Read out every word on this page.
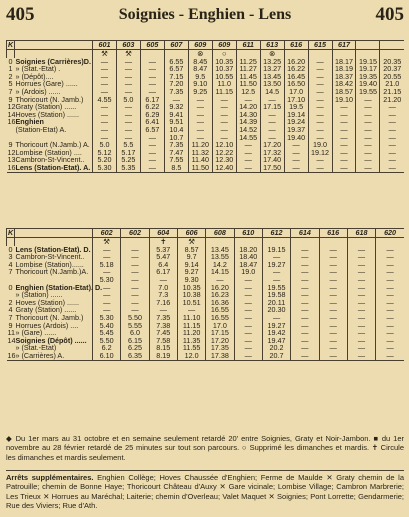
405	Soignies - Enghien - Lens	405
K		601	603	605	607	609	609	611	613	616	615	617		
		⚒	⚒			⊗	○		⊗					
0	Soignies (Carrières)D.	—	—	—	6.55	8.45	10.35	11.25	13.25	16.20	—	18.17	19.15	20.35
1	» (Stat.-Etat) .	—	—	—	6.57	8.47	10.37	11.27	13.27	16.22	—	18.19	19.17	20.37
2	» (Dépôt)....	—	—	—	7.15	9.5	10.55	11.45	13.45	16.45	—	18.37	19.35	20.55
5	Horrues (Gare) ......	—	—	—	7.20	9.10	11.0	11.50	13.50	16.50	—	18.42	19.40	21.0
7	» (Ardois) ......	—	—	—	7.35	9.25	11.15	12.5	14.5	17.0	—	18.57	19.55	21.15
9	Thoricourt (N. Jamb.)	4.55	5.0	6.17	—	—	—	—	—	17.10	—	19.10	—	21.20
12	Graty (Station) ......	—	—	6.22	9.32	—	—	14.20	17.15	19.5	—	—	—	—
14	Hoves (Station) ......	—	—	6.29	9.41	—	—	14.30	—	19.14	—	—	—	—
16	Enghien	—	—	6.41	9.51	—	—	14.39	—	19.24	—	—	—	—
	(Station-Etat) A.	—	—	6.57	10.4	—	—	14.52	—	19.37	—	—	—	—
		—	—	—	10.7	—	—	14.55	—	19.40	—	—	—	—
9	Thoricourt (N.Jamb.) A.	5.0	5.5	—	7.35	11.20	12.10	—	17.20	—	19.0	—	—	—
12	Lombise (Station) ....	5.12	5.17	—	7.47	11.32	12.22	—	17.32	—	19.12	—	—	—
13	Cambron-St-Vincent..	5.20	5.25	—	7.55	11.40	12.30	—	17.40	—	—	—	—	—
16	Lens (Station-Etat). A.	5.30	5.35	—	8.5	11.50	12.40	—	17.50	—	—	—	—	—
K		602	602	604	606	608	610	612	614	616	618	620
		⚒		✝	⚒							
0	Lens (Station-Etat). D.	—	—	5.37	8.57	13.45	18.20	19.15	—	—	—	—
3	Cambron-St-Vincent..	—	—	5.47	9.7	13.55	18.40	—	—	—	—	—
4	Lombise (Station)......	5.18	—	6.4	9.14	14.2	18.47	19.27	—	—	—	—
7	Thoricourt (N.Jamb.)A.	—	—	6.17	9.27	14.15	19.0	—	—	—	—	—
		5.30	—	—	9.30	—	—	—	—	—	—	—
0	Enghien (Station-Etat). D.	—	—	7.0	10.35	16.20	—	19.55	—	—	—	—
	» (Station) ......	—	—	7.3	10.38	16.23	—	19.58	—	—	—	—
2	Hoves (Station) ......	—	—	7.16	10.51	16.36	—	20.11	—	—	—	—
4	Graty (Station) ......	—	—	—	—	16.55	—	20.30	—	—	—	—
7	Thoricourt (N. Jamb.)	5.30	5.50	7.35	11.10	16.55	—	—	—	—	—	—
9	Horrues (Ardois) ....	5.40	5.55	7.38	11.15	17.0	—	19.27	—	—	—	—
11	» (Gare) ......	5.45	6.0	7.45	11.20	17.15	—	19.42	—	—	—	—
14	Soignies (Dépôt) ......	5.50	6.15	7.58	11.35	17.20	—	19.47	—	—	—	—
	» (Stat.-Etat)	6.2	6.25	8.15	11.55	17.35	—	20.2	—	—	—	—
16	» (Carrières) A.	6.10	6.35	8.19	12.0	17.38	—	20.7	—	—	—	—

◆ Du 1er mars au 31 octobre et en semaine seulement retardé 20' entre Soignies, Graty et Noir-Jambon. ■ du 1er novembre au 28 février retardé de 25 minutes sur tout son parcours. ○ Supprimé les dimanches et mardis. ✝ Circule les dimanches et mardis seulement.

Arrêts supplémentaires. Enghien Collège; Hoves Chaussée d'Enghien; Ferme de Maulde ✕ Graty chemin de la Patrouille; chemin de Bonne Haye; Thoricourt Château d'Auxy ✕ Gare vicinale; Lombise Village; Cambron Marbrerie; Les Trieux ✕ Horrues au Maréchal; Laiterie; chemin d'Overleau; Valet Maquet ✕ Soignies; Pont Lorrette; Gendarmerie; Rue des Viviers; Rue d'Ath.
